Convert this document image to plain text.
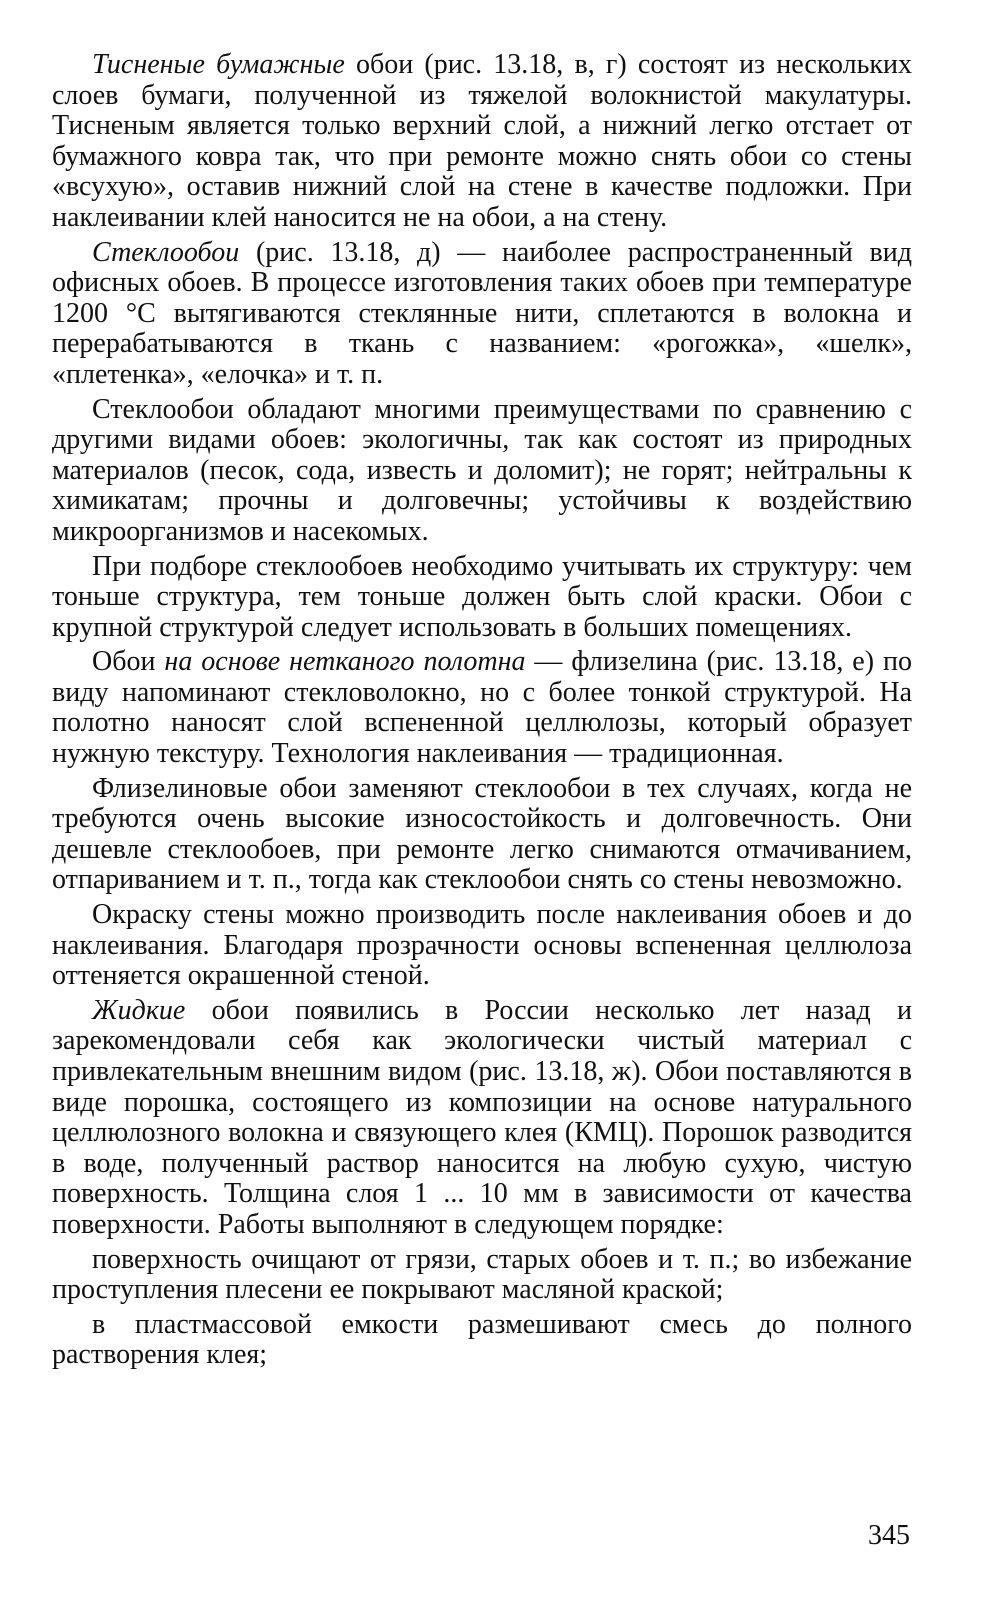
Тисненые бумажные обои (рис. 13.18, в, г) состоят из нескольких слоев бумаги, полученной из тяжелой волокнистой макулатуры. Тисненым является только верхний слой, а нижний легко отстает от бумажного ковра так, что при ремонте можно снять обои со стены «всухую», оставив нижний слой на стене в качестве подложки. При наклеивании клей наносится не на обои, а на стену.

Стеклообои (рис. 13.18, д) — наиболее распространенный вид офисных обоев. В процессе изготовления таких обоев при температуре 1200 °С вытягиваются стеклянные нити, сплетаются в волокна и перерабатываются в ткань с названием: «рогожка», «шелк», «плетенка», «елочка» и т. п.

Стеклообои обладают многими преимуществами по сравнению с другими видами обоев: экологичны, так как состоят из природных материалов (песок, сода, известь и доломит); не горят; нейтральны к химикатам; прочны и долговечны; устойчивы к воздействию микроорганизмов и насекомых.

При подборе стеклообоев необходимо учитывать их структуру: чем тоньше структура, тем тоньше должен быть слой краски. Обои с крупной структурой следует использовать в больших помещениях.

Обои на основе нетканого полотна — флизелина (рис. 13.18, е) по виду напоминают стекловолокно, но с более тонкой структурой. На полотно наносят слой вспененной целлюлозы, который образует нужную текстуру. Технология наклеивания — традиционная.

Флизелиновые обои заменяют стеклообои в тех случаях, когда не требуются очень высокие износостойкость и долговечность. Они дешевле стеклообоев, при ремонте легко снимаются отмачиванием, отпариванием и т. п., тогда как стеклообои снять со стены невозможно.

Окраску стены можно производить после наклеивания обоев и до наклеивания. Благодаря прозрачности основы вспененная целлюлоза оттеняется окрашенной стеной.

Жидкие обои появились в России несколько лет назад и зарекомендовали себя как экологически чистый материал с привлекательным внешним видом (рис. 13.18, ж). Обои поставляются в виде порошка, состоящего из композиции на основе натурального целлюлозного волокна и связующего клея (КМЦ). Порошок разводится в воде, полученный раствор наносится на любую сухую, чистую поверхность. Толщина слоя 1 ... 10 мм в зависимости от качества поверхности. Работы выполняют в следующем порядке:

поверхность очищают от грязи, старых обоев и т. п.; во избежание проступления плесени ее покрывают масляной краской;

в пластмассовой емкости размешивают смесь до полного растворения клея;

345
